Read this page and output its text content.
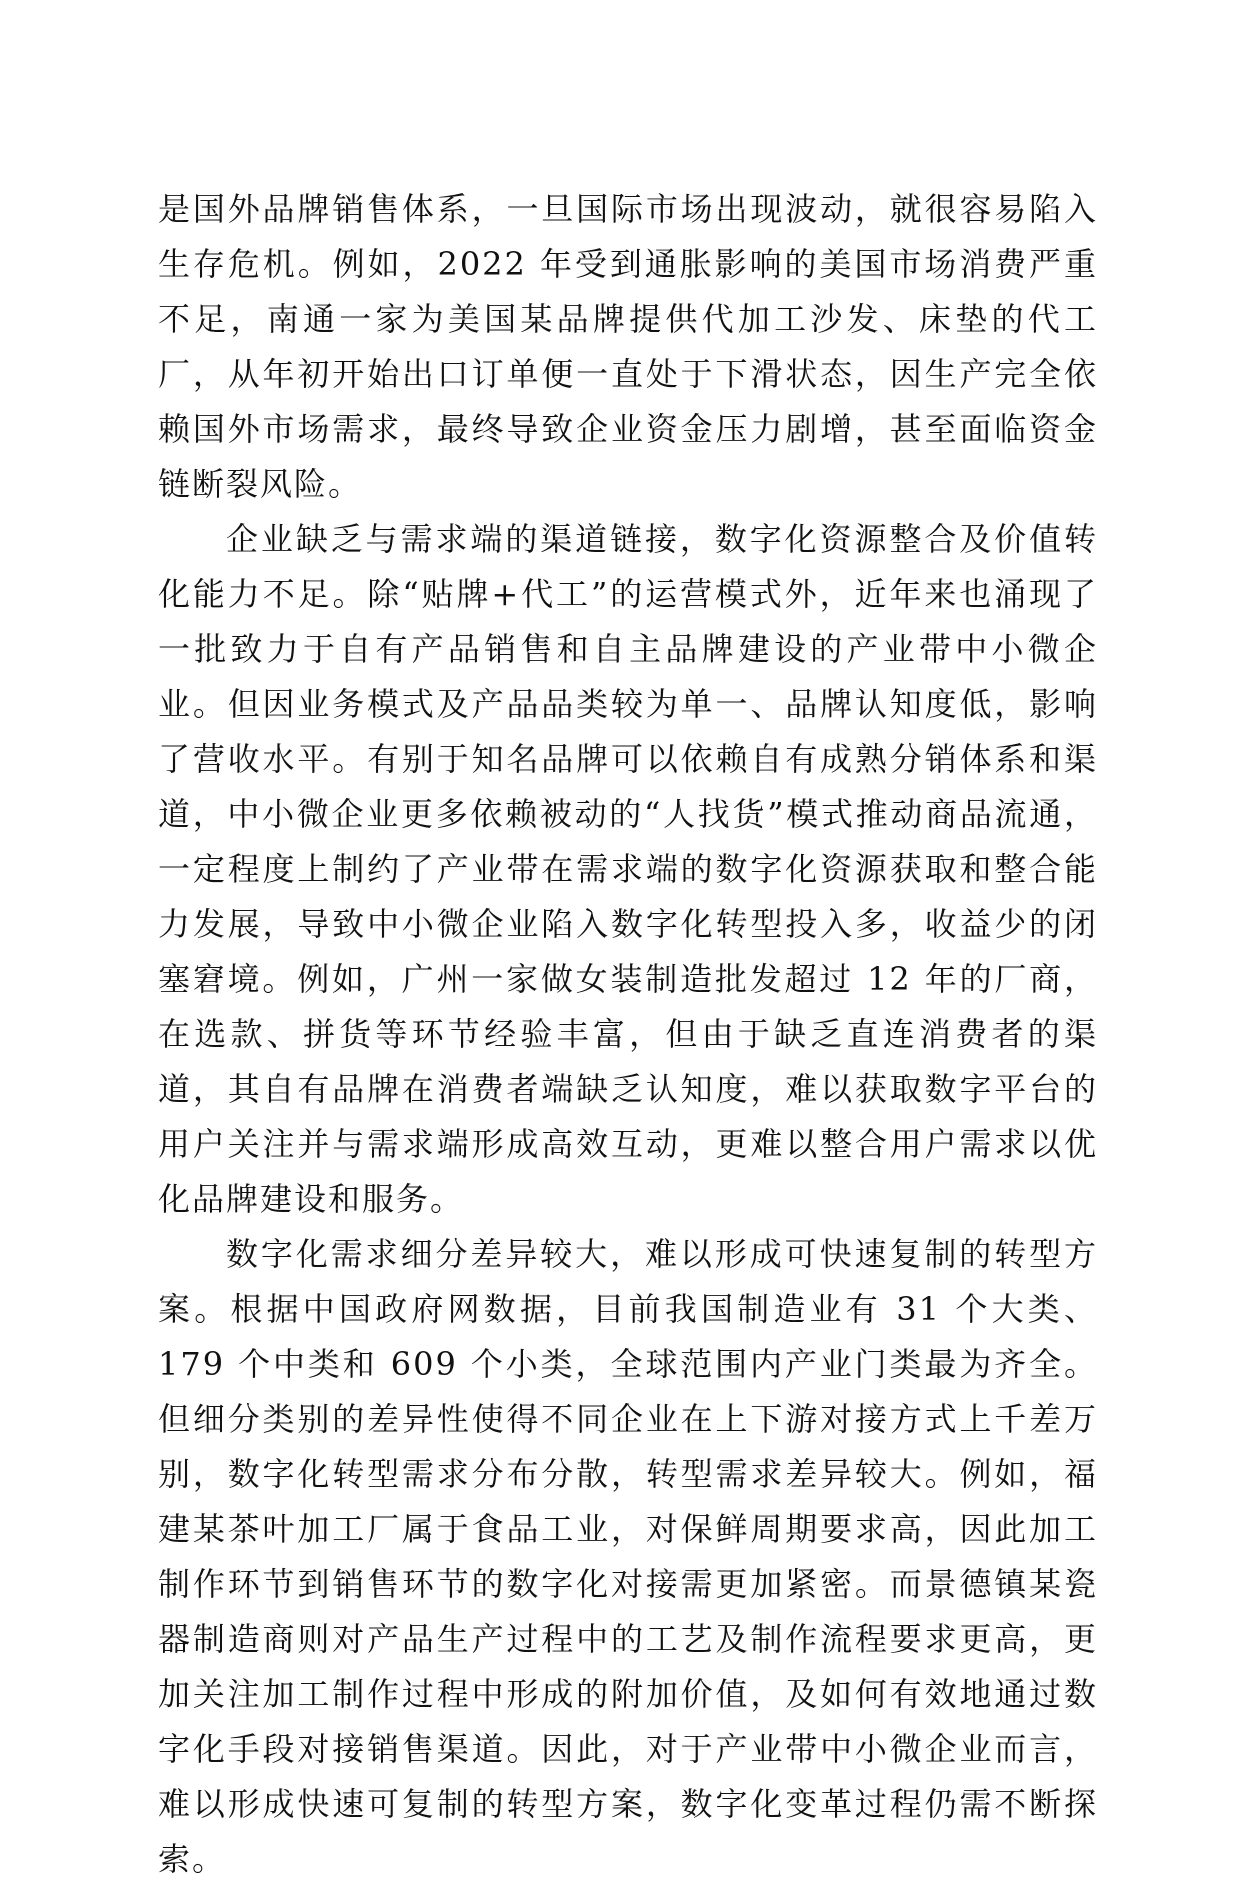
是国外品牌销售体系，一旦国际市场出现波动，就很容易陷入生存危机。例如，2022 年受到通胀影响的美国市场消费严重不足，南通一家为美国某品牌提供代加工沙发、床垫的代工厂，从年初开始出口订单便一直处于下滑状态，因生产完全依赖国外市场需求，最终导致企业资金压力剧增，甚至面临资金链断裂风险。

企业缺乏与需求端的渠道链接，数字化资源整合及价值转化能力不足。除“贴牌+代工”的运营模式外，近年来也涌现了一批致力于自有产品销售和自主品牌建设的产业带中小微企业。但因业务模式及产品品类较为单一、品牌认知度低，影响了营收水平。有别于知名品牌可以依赖自有成熟分销体系和渠道，中小微企业更多依赖被动的“人找货”模式推动商品流通，一定程度上制约了产业带在需求端的数字化资源获取和整合能力发展，导致中小微企业陷入数字化转型投入多，收益少的闭塞窘境。例如，广州一家做女装制造批发超过 12 年的厂商，在选款、拼货等环节经验丰富，但由于缺乏直连消费者的渠道，其自有品牌在消费者端缺乏认知度，难以获取数字平台的用户关注并与需求端形成高效互动，更难以整合用户需求以优化品牌建设和服务。

数字化需求细分差异较大，难以形成可快速复制的转型方案。根据中国政府网数据，目前我国制造业有 31 个大类、179 个中类和 609 个小类，全球范围内产业门类最为齐全。但细分类别的差异性使得不同企业在上下游对接方式上千差万别，数字化转型需求分布分散，转型需求差异较大。例如，福建某茶叶加工厂属于食品工业，对保鲜周期要求高，因此加工制作环节到销售环节的数字化对接需更加紧密。而景德镇某瓷器制造商则对产品生产过程中的工艺及制作流程要求更高，更加关注加工制作过程中形成的附加价值，及如何有效地通过数字化手段对接销售渠道。因此，对于产业带中小微企业而言，难以形成快速可复制的转型方案，数字化变革过程仍需不断探索。
